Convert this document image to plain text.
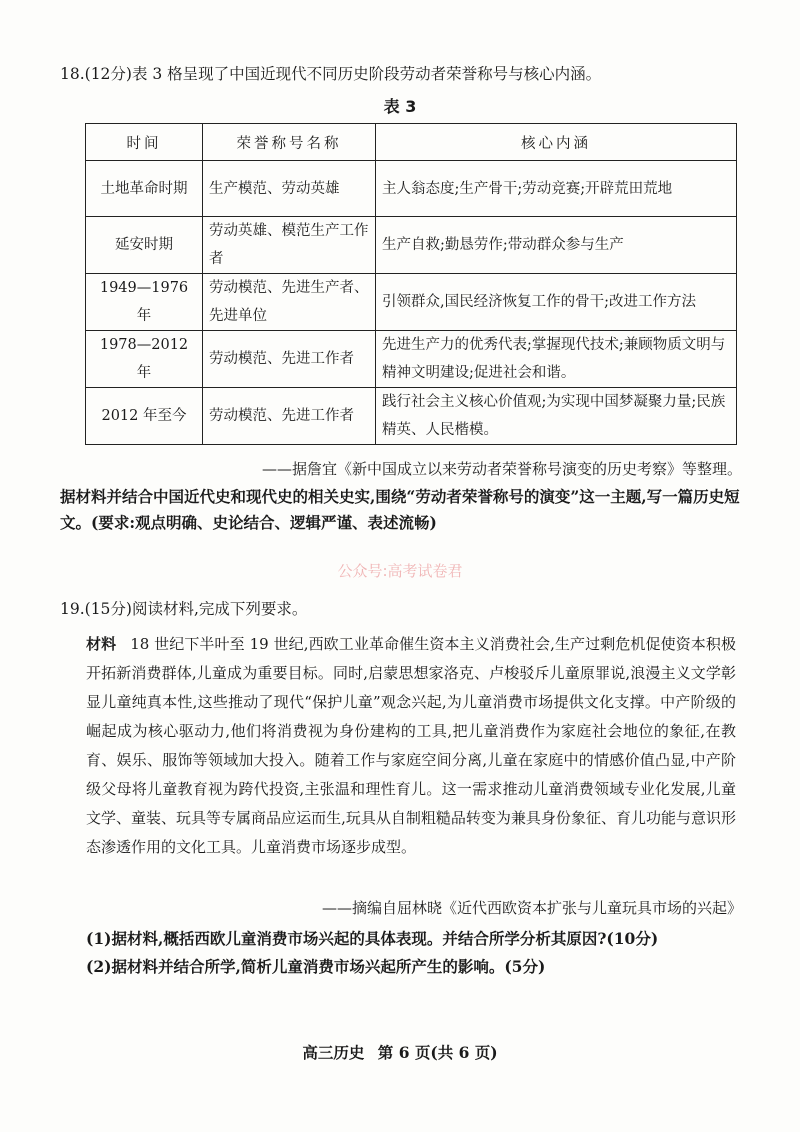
18.(12分)表 3 格呈现了中国近现代不同历史阶段劳动者荣誉称号与核心内涵。
表 3
时间	荣誉称号名称	核心内涵
土地革命时期	生产模范、劳动英雄	主人翁态度;生产骨干;劳动竞赛;开辟荒田荒地
延安时期	劳动英雄、模范生产工作者	生产自救;勤恳劳作;带动群众参与生产
1949—1976 年	劳动模范、先进生产者、先进单位	引领群众,国民经济恢复工作的骨干;改进工作方法
1978—2012 年	劳动模范、先进工作者	先进生产力的优秀代表;掌握现代技术;兼顾物质文明与精神文明建设;促进社会和谐。
2012 年至今	劳动模范、先进工作者	践行社会主义核心价值观;为实现中国梦凝聚力量;民族精英、人民楷模。
——据詹宜《新中国成立以来劳动者荣誉称号演变的历史考察》等整理。
据材料并结合中国近代史和现代史的相关史实,围绕“劳动者荣誉称号的演变”这一主题,写一篇历史短文。(要求:观点明确、史论结合、逻辑严谨、表述流畅)
公众号:高考试卷君
19.(15分)阅读材料,完成下列要求。
材料 18 世纪下半叶至 19 世纪,西欧工业革命催生资本主义消费社会,生产过剩危机促使资本积极开拓新消费群体,儿童成为重要目标。同时,启蒙思想家洛克、卢梭驳斥儿童原罪说,浪漫主义文学彰显儿童纯真本性,这些推动了现代“保护儿童”观念兴起,为儿童消费市场提供文化支撑。中产阶级的崛起成为核心驱动力,他们将消费视为身份建构的工具,把儿童消费作为家庭社会地位的象征,在教育、娱乐、服饰等领域加大投入。随着工作与家庭空间分离,儿童在家庭中的情感价值凸显,中产阶级父母将儿童教育视为跨代投资,主张温和理性育儿。这一需求推动儿童消费领域专业化发展,儿童文学、童装、玩具等专属商品应运而生,玩具从自制粗糙品转变为兼具身份象征、育儿功能与意识形态渗透作用的文化工具。儿童消费市场逐步成型。
——摘编自屈林晓《近代西欧资本扩张与儿童玩具市场的兴起》
(1)据材料,概括西欧儿童消费市场兴起的具体表现。并结合所学分析其原因?(10分)
(2)据材料并结合所学,简析儿童消费市场兴起所产生的影响。(5分)
高三历史 第 6 页(共 6 页)
